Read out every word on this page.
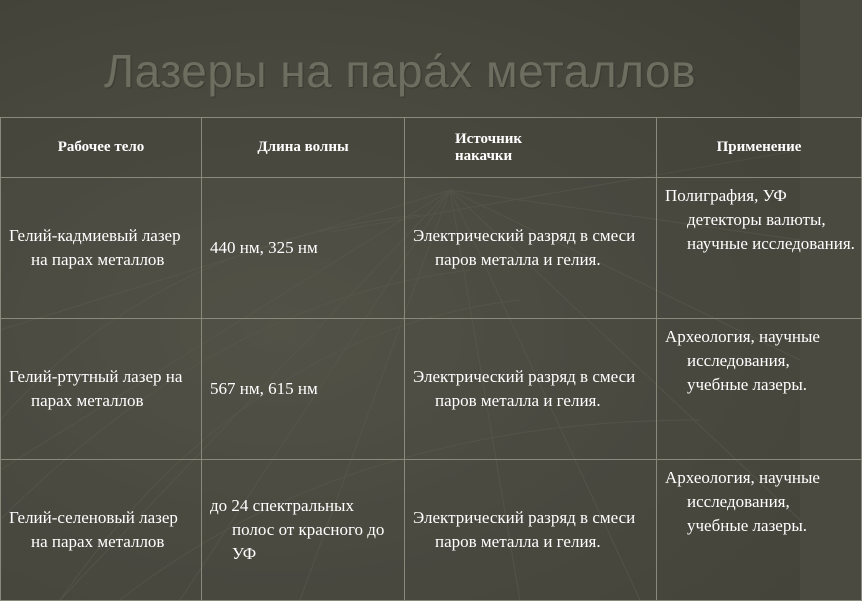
Лазеры на пара́х металлов
Рабочее тело	Длина волны	Источник накачки	Применение
Гелий-кадмиевый лазер на парах металлов	440 нм, 325 нм	Электрический разряд в смеси паров металла и гелия.	Полиграфия, УФ детекторы валюты, научные исследования.
Гелий-ртутный лазер на парах металлов	567 нм, 615 нм	Электрический разряд в смеси паров металла и гелия.	Археология, научные исследования, учебные лазеры.
Гелий-селеновый лазер на парах металлов	до 24 спектральных полос от красного до УФ	Электрический разряд в смеси паров металла и гелия.	Археология, научные исследования, учебные лазеры.
